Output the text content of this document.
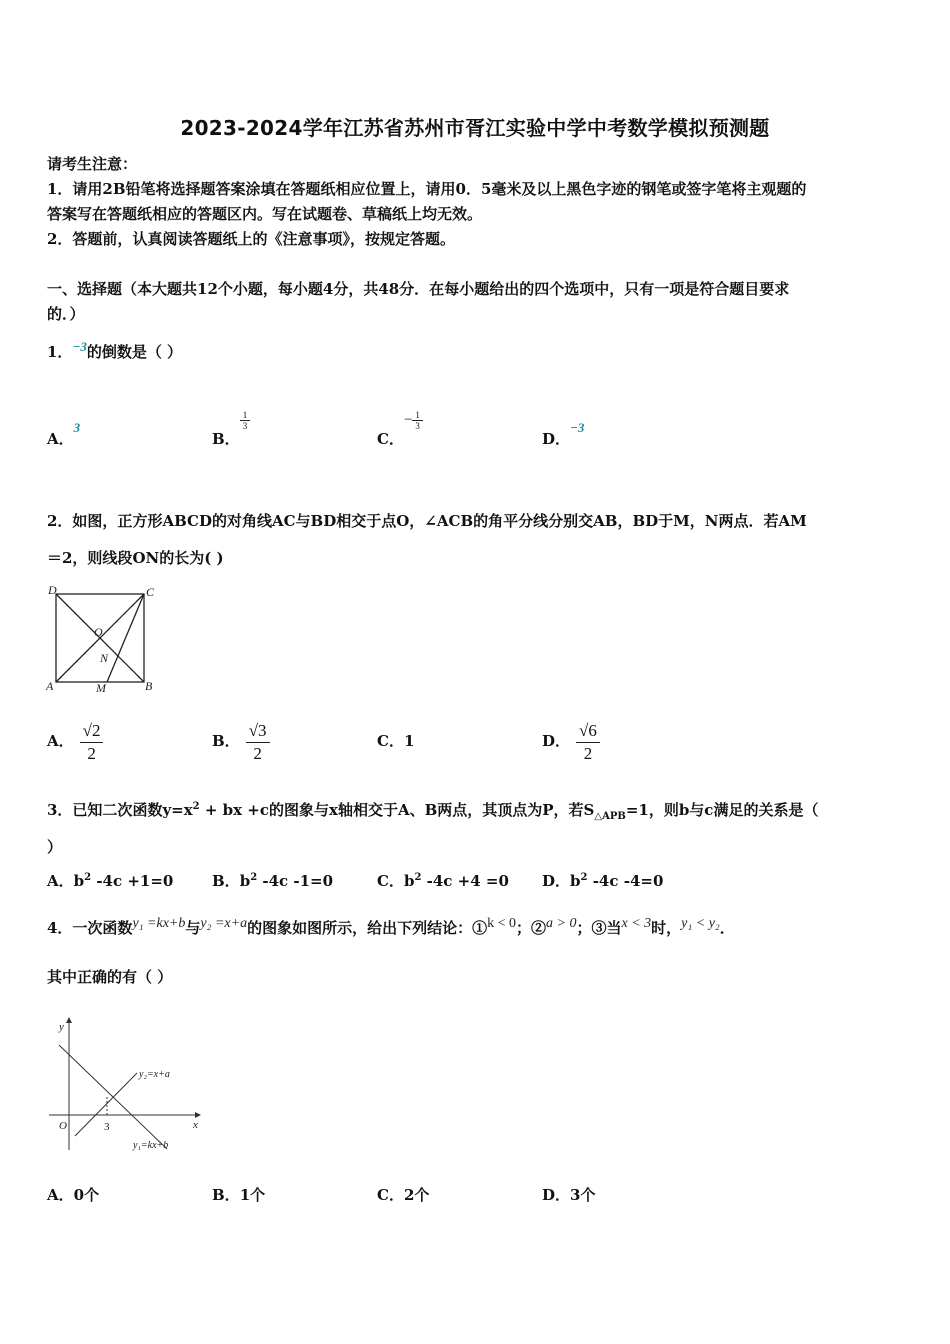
2023-2024学年江苏省苏州市胥江实验中学中考数学模拟预测题
请考生注意：
1．请用2B铅笔将选择题答案涂填在答题纸相应位置上，请用0．5毫米及以上黑色字迹的钢笔或签字笔将主观题的
答案写在答题纸相应的答题区内。写在试题卷、草稿纸上均无效。
2．答题前，认真阅读答题纸上的《注意事项》，按规定答题。
一、选择题（本大题共12个小题，每小题4分，共48分．在每小题给出的四个选项中，只有一项是符合题目要求
的．）
1．−3的倒数是（ ）
A．3
B．
$\frac{1}{3}$
C．− $\frac{1}{3}$
D．−3
2．如图，正方形ABCD的对角线AC与BD相交于点O，∠ACB的角平分线分别交AB，BD于M，N两点．若AM
＝2，则线段ON的长为( )
D	C
A	B
O
N
M
A． $\frac{√2}{2}$	B． $\frac{√3}{2}$	C．1	D． $\frac{√6}{2}$
3．已知二次函数$y=x^2$ + bx +c的图象与x轴相交于A、B两点，其顶点为P，若$S_{\triangle APB}=1$，则b与c满足的关系是（
）
A．$b^2$ -4c +1=0	B．$b^2$ -4c -1=0	C．$b^2$ -4c +4 =0 D．$b^2$ -4c -4=0
4．一次函数y₁ =kx+b与y₂ =x+a的图象如图所示，给出下列结论：①k < 0；②a > 0；③当x < 3时，y₁ < y₂．
其中正确的有（ ）
y
x
O	3
y₂=x+a
y₁=kx+b
A．0个	B．1个	C．2个	D．3个
